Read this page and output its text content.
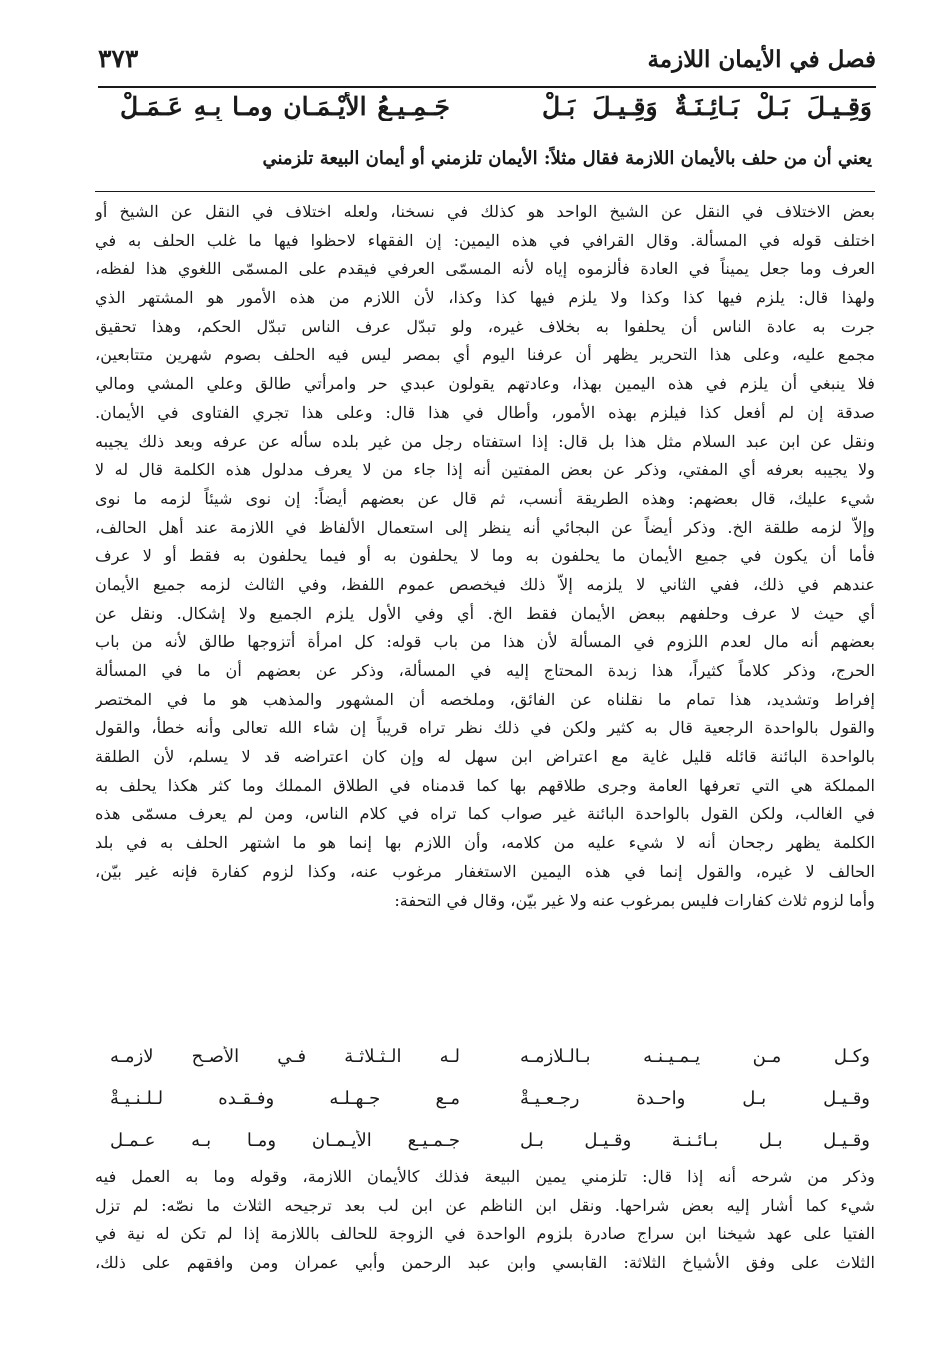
فصل في الأيمان اللازمة
٣٧٣
وَقِـيـلَ بَـلْ بَـائِـنَـةٌ وَقِـيـلَ بَـلْ
جَـمِـيـعُ الأَيْـمَـانِ ومـا بِـهِ عَـمَـلْ
يعني أن من حلف بالأيمان اللازمة فقال مثلاً: الأيمان تلزمني أو أيمان البيعة تلزمني
بعض الاختلاف في النقل عن الشيخ الواحد هو كذلك في نسخنا، ولعله اختلاف في النقل عن الشيخ أو
اختلف قوله في المسألة. وقال القرافي في هذه اليمين: إن الفقهاء لاحظوا فيها ما غلب الحلف به في
العرف وما جعل يميناً في العادة فألزموه إياه لأنه المسمّى العرفي فيقدم على المسمّى اللغوي هذا لفظه،
ولهذا قال: يلزم فيها كذا وكذا ولا يلزم فيها كذا وكذا، لأن اللازم من هذه الأمور هو المشتهر الذي
جرت به عادة الناس أن يحلفوا به بخلاف غيره، ولو تبدّل عرف الناس تبدّل الحكم، وهذا تحقيق
مجمع عليه، وعلى هذا التحرير يظهر أن عرفنا اليوم أي بمصر ليس فيه الحلف بصوم شهرين متتابعين،
فلا ينبغي أن يلزم في هذه اليمين بهذا، وعادتهم يقولون عبدي حر وامرأتي طالق وعلي المشي ومالي
صدقة إن لم أفعل كذا فيلزم بهذه الأمور، وأطال في هذا قال: وعلى هذا تجري الفتاوى في الأيمان.
ونقل عن ابن عبد السلام مثل هذا بل قال: إذا استفتاه رجل من غير بلده سأله عن عرفه وبعد ذلك يجيبه
ولا يجيبه بعرفه أي المفتي، وذكر عن بعض المفتين أنه إذا جاء من لا يعرف مدلول هذه الكلمة قال له لا
شيء عليك، قال بعضهم: وهذه الطريقة أنسب، ثم قال عن بعضهم أيضاً: إن نوى شيئاً لزمه ما نوى
وإلاّ لزمه طلقة الخ. وذكر أيضاً عن البجائي أنه ينظر إلى استعمال الألفاظ في اللازمة عند أهل الحالف،
فأما أن يكون في جميع الأيمان ما يحلفون به وما لا يحلفون به أو فيما يحلفون به فقط أو لا عرف
عندهم في ذلك، ففي الثاني لا يلزمه إلاّ ذلك فيخصص عموم اللفظ، وفي الثالث لزمه جميع الأيمان
أي حيث لا عرف وحلفهم ببعض الأيمان فقط الخ. أي وفي الأول يلزم الجميع ولا إشكال. ونقل عن
بعضهم أنه مال لعدم اللزوم في المسألة لأن هذا من باب قوله: كل امرأة أتزوجها طالق لأنه من باب
الحرج، وذكر كلاماً كثيراً، هذا زبدة المحتاج إليه في المسألة، وذكر عن بعضهم أن ما في المسألة
إفراط وتشديد، هذا تمام ما نقلناه عن الفائق، وملخصه أن المشهور والمذهب هو ما في المختصر
والقول بالواحدة الرجعية قال به كثير ولكن في ذلك نظر تراه قريباً إن شاء الله تعالى وأنه خطأ، والقول
بالواحدة البائنة قائله قليل غاية مع اعتراض ابن سهل له وإن كان اعتراضه قد لا يسلم، لأن الطلقة
المملكة هي التي تعرفها العامة وجرى طلاقهم بها كما قدمناه في الطلاق المملك وما كثر هكذا يحلف به
في الغالب، ولكن القول بالواحدة البائنة غير صواب كما تراه في كلام الناس، ومن لم يعرف مسمّى هذه
الكلمة يظهر رجحان أنه لا شيء عليه من كلامه، وأن اللازم بها إنما هو ما اشتهر الحلف به في بلد
الحالف لا غيره، والقول إنما في هذه اليمين الاستغفار مرغوب عنه، وكذا لزوم كفارة فإنه غير بيّن،
وأما لزوم ثلاث كفارات فليس بمرغوب عنه ولا غير بيّن، وقال في التحفة:
وكـل مـن يـمـيـنـه بـالـلازمـه
لـه الـثـلاثـة فـي الأصـح لازمـه
وقـيـل بـل واحـدة رجـعـيـةْ
مـع جـهـلـه وفـقـده لـلـنـيـةْ
وقـيـل بـل بـائـنـة وقـيـل بـل
جـمـيـع الأيـمـان ومـا بـه عـمـل
وذكر من شرحه أنه إذا قال: تلزمني يمين البيعة فذلك كالأيمان اللازمة، وقوله وما به العمل فيه
شيء كما أشار إليه بعض شراحها. ونقل ابن الناظم عن ابن لب بعد ترجيحه الثلاث ما نصّه: لم تزل
الفتيا على عهد شيخنا ابن سراج صادرة بلزوم الواحدة في الزوجة للحالف باللازمة إذا لم تكن له نية في
الثلاث على وفق الأشياخ الثلاثة: القابسي وابن عبد الرحمن وأبي عمران ومن وافقهم على ذلك،
